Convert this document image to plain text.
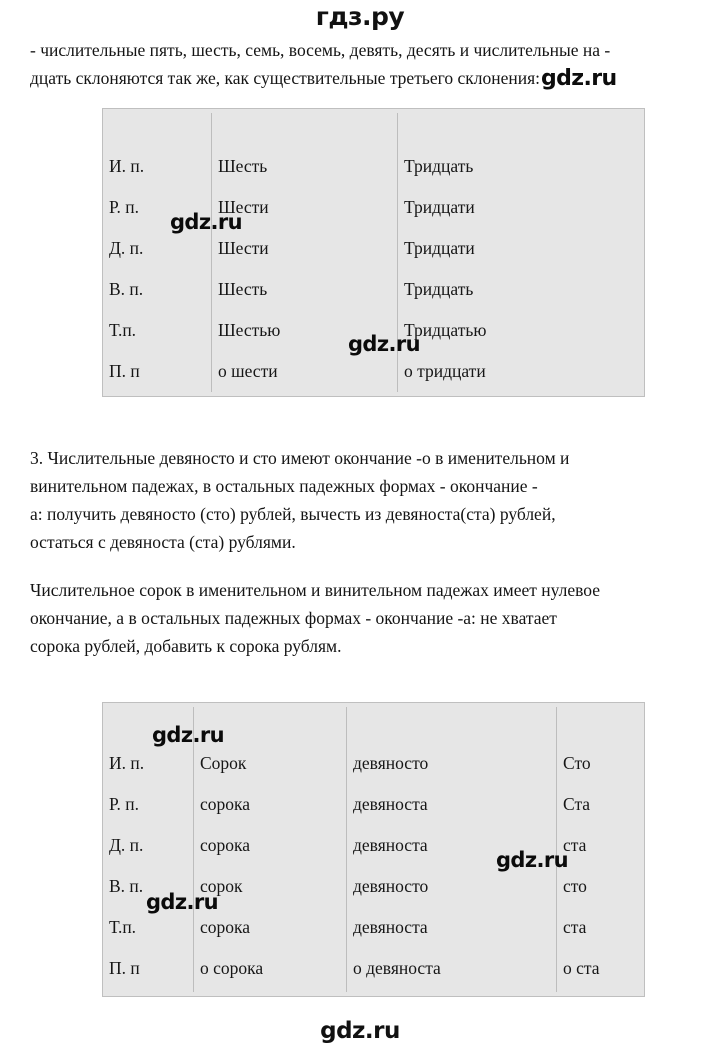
гдз.ру
- числительные пять, шесть, семь, восемь, девять, десять и числительные на -
дцать склоняются так же, как существительные третьего склонения:gdz.ru
И. п.	Шесть	Тридцать
Р. п.	Шести	Тридцати
Д. п.	Шести	Тридцати
В. п.	Шесть	Тридцать
Т.п.	Шестью	Тридцатью
П. п	о шести	о тридцати
gdz.ru
gdz.ru
3. Числительные девяносто и сто имеют окончание -о в именительном и
винительном падежах, в остальных падежных формах - окончание -
а: получить девяносто (сто) рублей, вычесть из девяноста(ста) рублей,
остаться с девяноста (ста) рублями.
Числительное сорок в именительном и винительном падежах имеет нулевое
окончание, а в остальных падежных формах - окончание -а: не хватает
сорока рублей, добавить к сорока рублям.
И. п.	Сорок	девяносто	Сто
Р. п.	сорока	девяноста	Ста
Д. п.	сорока	девяноста	ста
В. п.	сорок	девяносто	сто
Т.п.	сорока	девяноста	ста
П. п	о сорока	о девяноста	о ста
gdz.ru
gdz.ru
gdz.ru
gdz.ru
